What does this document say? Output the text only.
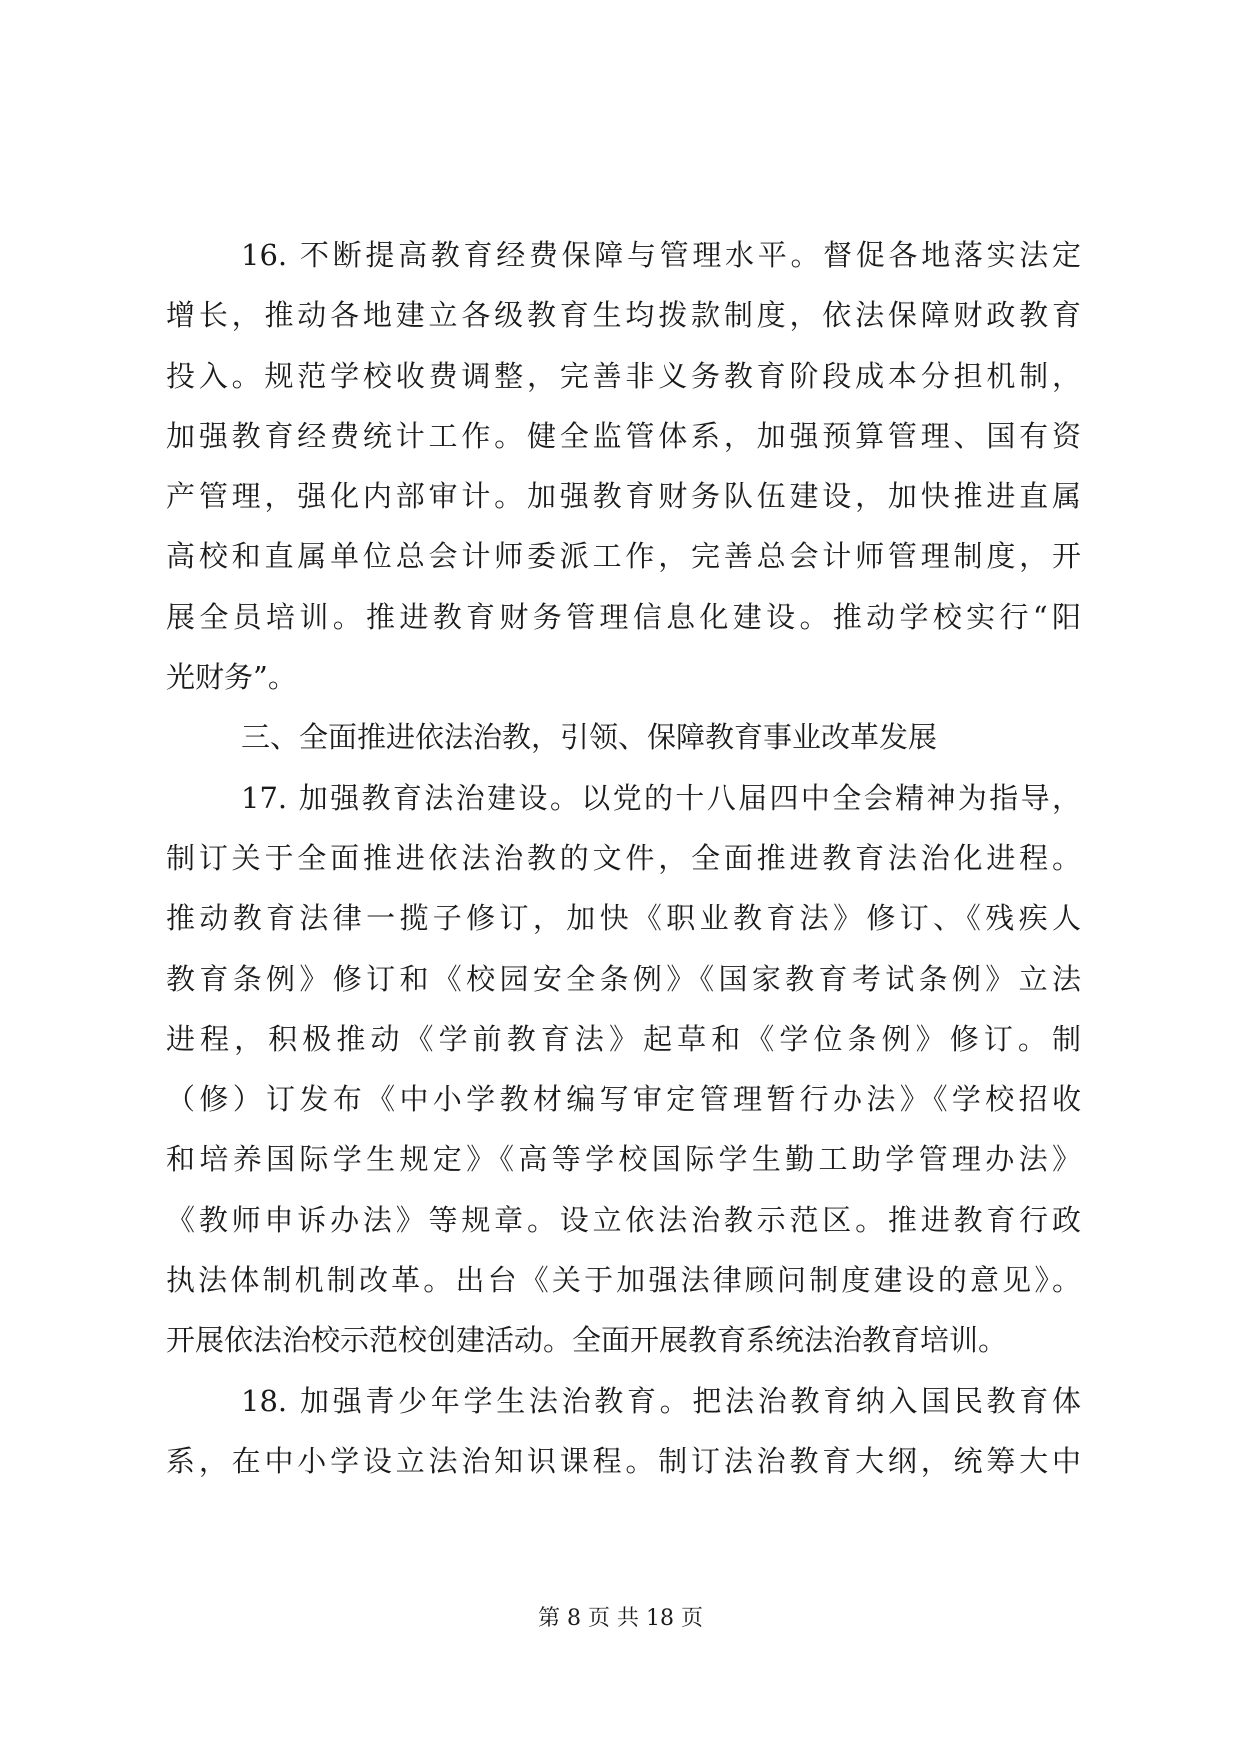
16. 不断提高教育经费保障与管理水平。督促各地落实法定
增长，推动各地建立各级教育生均拨款制度，依法保障财政教育
投入。规范学校收费调整，完善非义务教育阶段成本分担机制，
加强教育经费统计工作。健全监管体系，加强预算管理、国有资
产管理，强化内部审计。加强教育财务队伍建设，加快推进直属
高校和直属单位总会计师委派工作，完善总会计师管理制度，开
展全员培训。推进教育财务管理信息化建设。推动学校实行“阳
光财务”。
三、全面推进依法治教，引领、保障教育事业改革发展
17. 加强教育法治建设。以党的十八届四中全会精神为指导，
制订关于全面推进依法治教的文件，全面推进教育法治化进程。
推动教育法律一揽子修订，加快《职业教育法》修订、《残疾人
教育条例》修订和《校园安全条例》《国家教育考试条例》立法
进程，积极推动《学前教育法》起草和《学位条例》修订。制
（修）订发布《中小学教材编写审定管理暂行办法》《学校招收
和培养国际学生规定》《高等学校国际学生勤工助学管理办法》
《教师申诉办法》等规章。设立依法治教示范区。推进教育行政
执法体制机制改革。出台《关于加强法律顾问制度建设的意见》。
开展依法治校示范校创建活动。全面开展教育系统法治教育培训。
18. 加强青少年学生法治教育。把法治教育纳入国民教育体
系，在中小学设立法治知识课程。制订法治教育大纲，统筹大中
第 8 页 共 18 页
